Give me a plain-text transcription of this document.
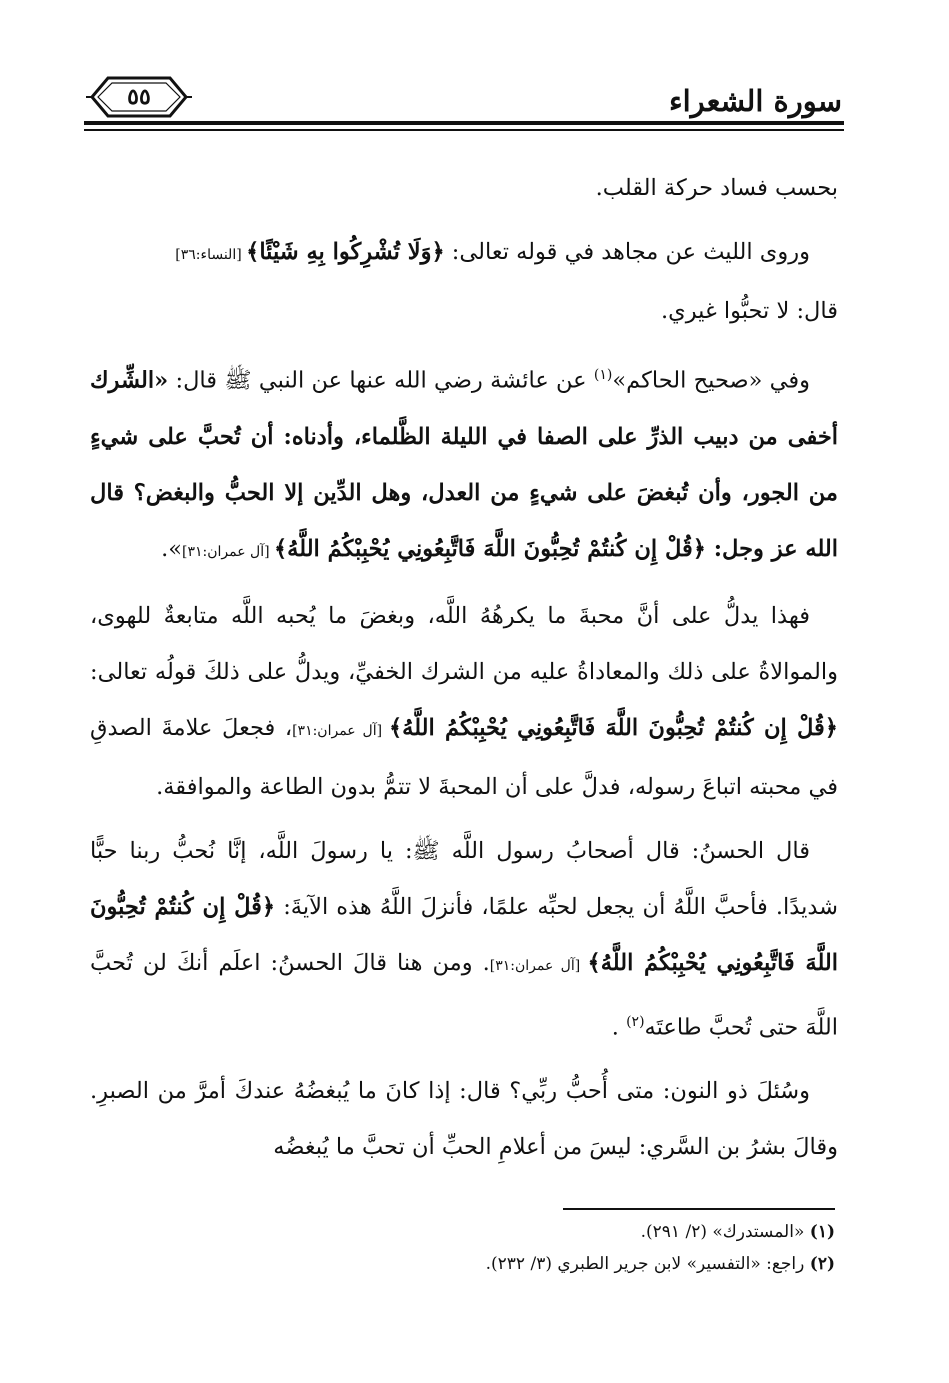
سورة الشعراء
٥٥

بحسب فساد حركة القلب.

وروى الليث عن مجاهد في قوله تعالى: ﴿وَلَا تُشْرِكُوا بِهِ شَيْئًا﴾ [النساء:٣٦]
قال: لا تحبُّوا غيري.

وفي «صحيح الحاكم»$^{(١)}$ عن عائشة رضي الله عنها عن النبي ﷺ قال: «الشِّرك أخفى من دبيب الذرِّ على الصفا في الليلة الظَّلماء، وأدناه: أن تُحبَّ على شيءٍ من الجور، وأن تُبغضَ على شيءٍ من العدل، وهل الدِّين إلا الحبُّ والبغض؟ قال الله عز وجل: ﴿قُلْ إِن كُنتُمْ تُحِبُّونَ اللَّهَ فَاتَّبِعُونِي يُحْبِبْكُمُ اللَّهُ﴾ [آل عمران:٣١]».

فهذا يدلُّ على أنَّ محبةَ ما يكرهُهُ اللَّه، وبغضَ ما يُحبه اللَّه متابعةٌ للهوى، والموالاةُ على ذلك والمعاداةُ عليه من الشرك الخفيِّ، ويدلُّ على ذلكَ قولُه تعالى: ﴿قُلْ إِن كُنتُمْ تُحِبُّونَ اللَّهَ فَاتَّبِعُونِي يُحْبِبْكُمُ اللَّهُ﴾ [آل عمران:٣١]، فجعلَ علامةَ الصدقِ في محبته اتباعَ رسوله، فدلَّ على أن المحبةَ لا تتمُّ بدون الطاعة والموافقة.

قال الحسنُ: قال أصحابُ رسول اللَّه ﷺ: يا رسولَ اللَّه، إنَّا نُحبُّ ربنا حبًّا شديدًا. فأحبَّ اللَّهُ أن يجعل لحبِّه علمًا، فأنزلَ اللَّهُ هذه الآيةَ: ﴿قُلْ إِن كُنتُمْ تُحِبُّونَ اللَّهَ فَاتَّبِعُونِي يُحْبِبْكُمُ اللَّهُ﴾ [آل عمران:٣١]. ومن هنا قالَ الحسنُ: اعلَم أنكَ لن تُحبَّ اللَّهَ حتى تُحبَّ طاعتَه$^{(٢)}$ .

وسُئلَ ذو النون: متى أُحبُّ ربِّي؟ قال: إذا كانَ ما يُبغضُهُ عندكَ أمرَّ من الصبرِ. وقالَ بشرُ بن السَّري: ليسَ من أعلامِ الحبِّ أن تحبَّ ما يُبغضُه

(١) «المستدرك» (٢/ ٢٩١).

(٢) راجع: «التفسير» لابن جرير الطبري (٣/ ٢٣٢).
